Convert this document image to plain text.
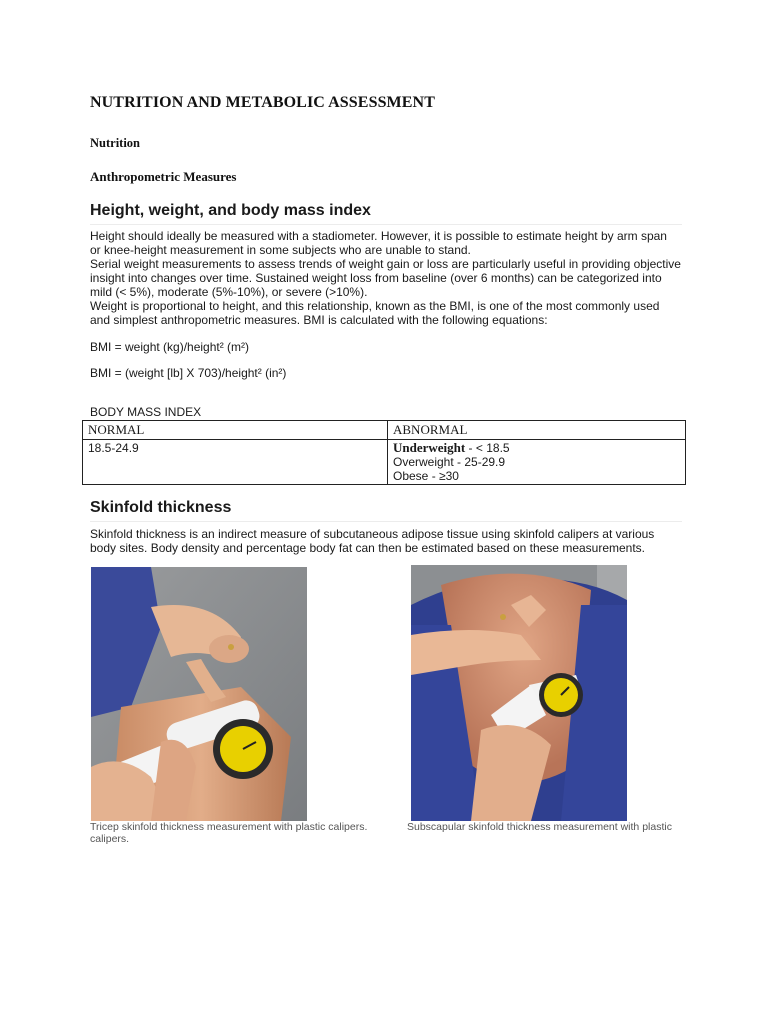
NUTRITION AND METABOLIC ASSESSMENT
Nutrition
Anthropometric Measures
Height, weight, and body mass index
Height should ideally be measured with a stadiometer. However, it is possible to estimate height by arm span
or knee-height measurement in some subjects who are unable to stand.
Serial weight measurements to assess trends of weight gain or loss are particularly useful in providing objective
insight into changes over time. Sustained weight loss from baseline (over 6 months) can be categorized into
mild (< 5%), moderate (5%-10%), or severe (>10%).
Weight is proportional to height, and this relationship, known as the BMI, is one of the most commonly used
and simplest anthropometric measures. BMI is calculated with the following equations:
BMI = weight (kg)/height² (m²)
BMI = (weight [lb] X 703)/height² (in²)
BODY MASS INDEX
NORMAL	ABNORMAL
18.5-24.9	Underweight - < 18.5
Overweight - 25-29.9
Obese - ≥30
Skinfold thickness
Skinfold thickness is an indirect measure of subcutaneous adipose tissue using skinfold calipers at various
body sites. Body density and percentage body fat can then be estimated based on these measurements.
Tricep skinfold thickness measurement with plastic calipers.
calipers.
Subscapular skinfold thickness measurement with plastic
